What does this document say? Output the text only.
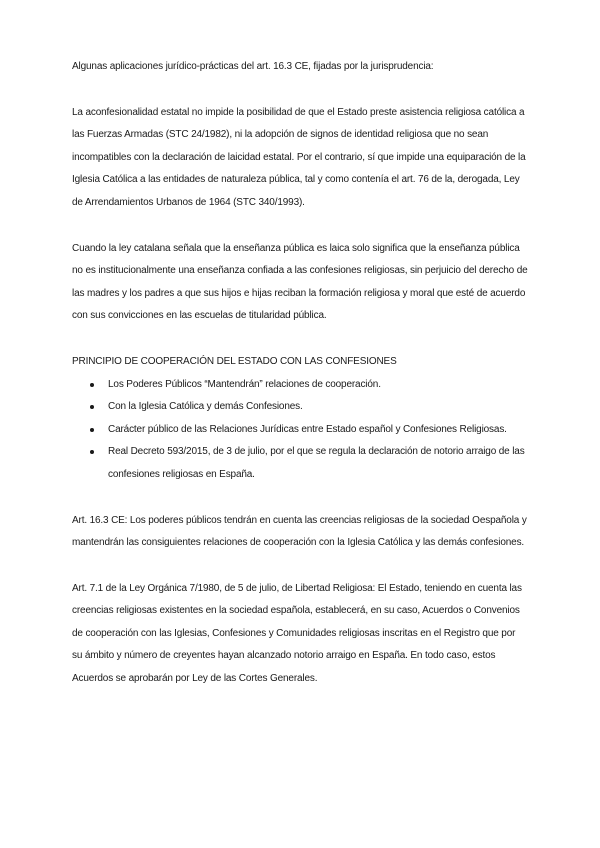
Algunas aplicaciones jurídico-prácticas del art. 16.3 CE, fijadas por la jurisprudencia:

La aconfesionalidad estatal no impide la posibilidad de que el Estado preste asistencia religiosa católica a las Fuerzas Armadas (STC 24/1982), ni la adopción de signos de identidad religiosa que no sean incompatibles con la declaración de laicidad estatal. Por el contrario, sí que impide una equiparación de la Iglesia Católica a las entidades de naturaleza pública, tal y como contenía el art. 76 de la, derogada, Ley de Arrendamientos Urbanos de 1964 (STC 340/1993).

Cuando la ley catalana señala que la enseñanza pública es laica solo significa que la enseñanza pública no es institucionalmente una enseñanza confiada a las confesiones religiosas, sin perjuicio del derecho de las madres y los padres a que sus hijos e hijas reciban la formación religiosa y moral que esté de acuerdo con sus convicciones en las escuelas de titularidad pública.

PRINCIPIO DE COOPERACIÓN DEL ESTADO CON LAS CONFESIONES

Los Poderes Públicos “Mantendrán” relaciones de cooperación.
Con la Iglesia Católica y demás Confesiones.
Carácter público de las Relaciones Jurídicas entre Estado español y Confesiones Religiosas.
Real Decreto 593/2015, de 3 de julio, por el que se regula la declaración de notorio arraigo de las confesiones religiosas en España.

Art. 16.3 CE: Los poderes públicos tendrán en cuenta las creencias religiosas de la sociedad Oespañola y mantendrán las consiguientes relaciones de cooperación con la Iglesia Católica y las demás confesiones.

Art. 7.1 de la Ley Orgánica 7/1980, de 5 de julio, de Libertad Religiosa: El Estado, teniendo en cuenta las creencias religiosas existentes en la sociedad española, establecerá, en su caso, Acuerdos o Convenios de cooperación con las Iglesias, Confesiones y Comunidades religiosas inscritas en el Registro que por su ámbito y número de creyentes hayan alcanzado notorio arraigo en España. En todo caso, estos Acuerdos se aprobarán por Ley de las Cortes Generales.
